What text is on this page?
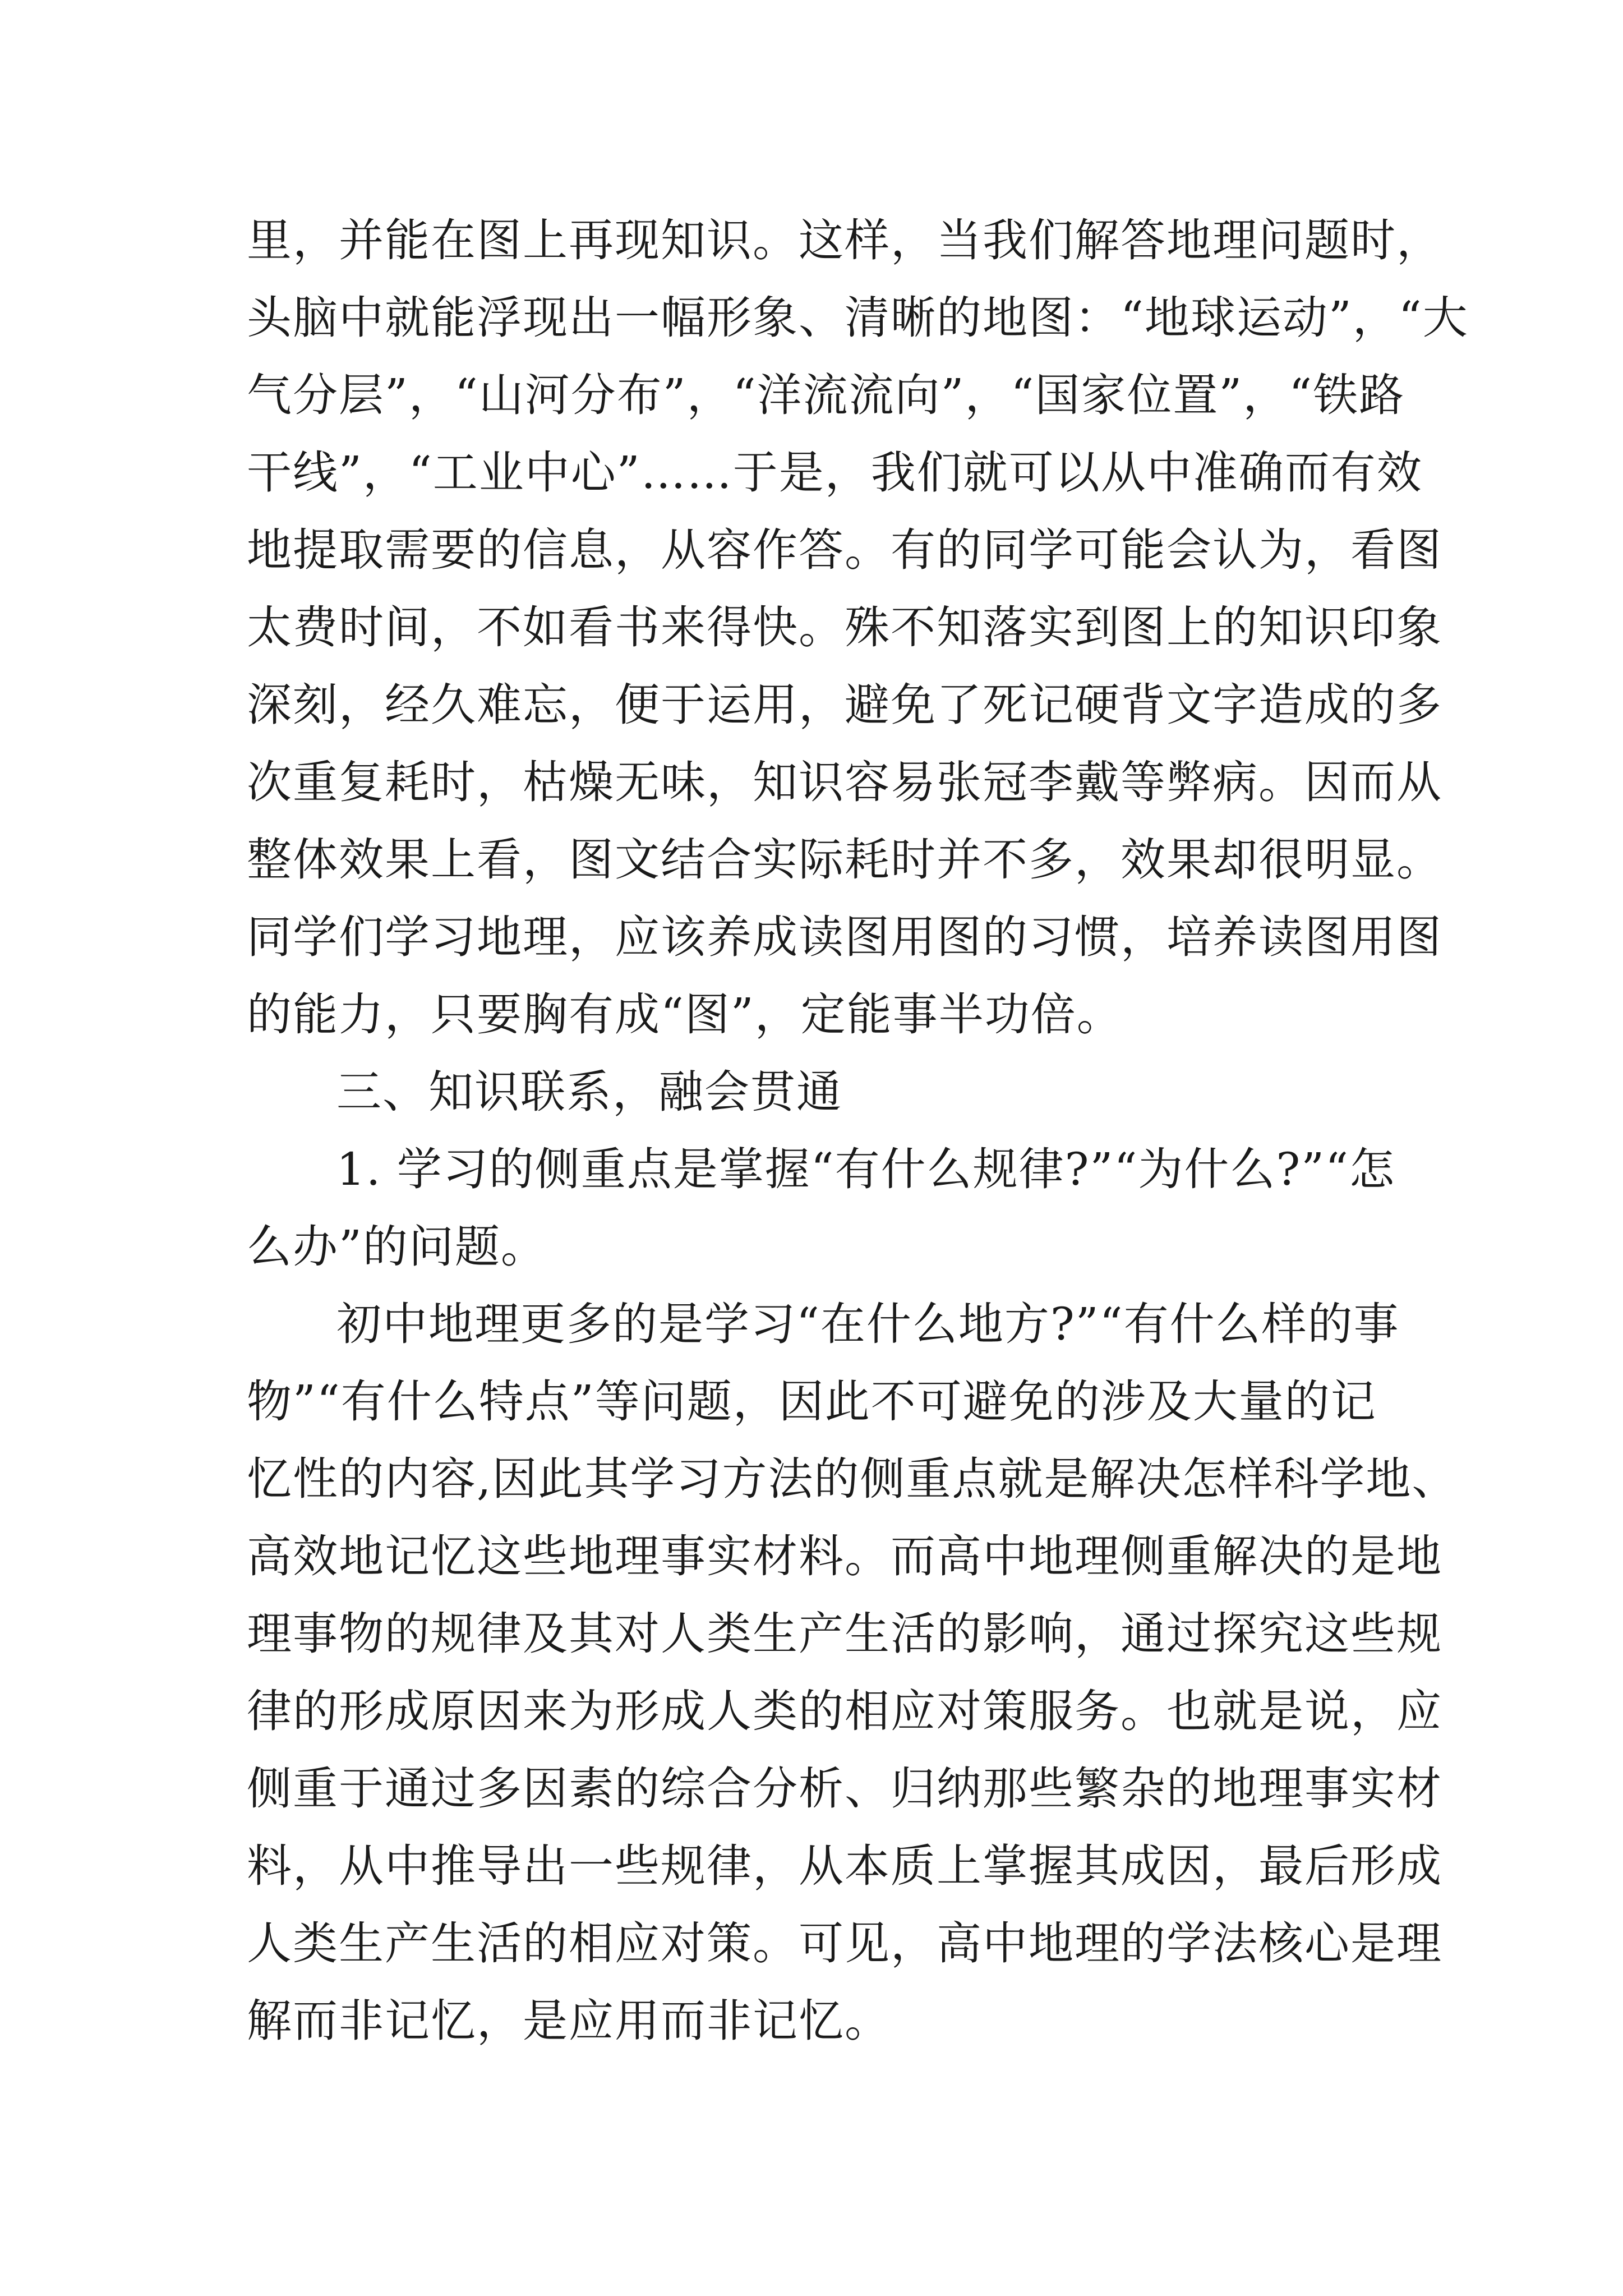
里，并能在图上再现知识。这样，当我们解答地理问题时，
头脑中就能浮现出一幅形象、清晰的地图：“地球运动”，“大
气分层”，“山河分布”，“洋流流向”，“国家位置”，“铁路
干线”，“工业中心”……于是，我们就可以从中准确而有效
地提取需要的信息，从容作答。有的同学可能会认为，看图
太费时间，不如看书来得快。殊不知落实到图上的知识印象
深刻，经久难忘，便于运用，避免了死记硬背文字造成的多
次重复耗时，枯燥无味，知识容易张冠李戴等弊病。因而从
整体效果上看，图文结合实际耗时并不多，效果却很明显。
同学们学习地理，应该养成读图用图的习惯，培养读图用图
的能力，只要胸有成“图”，定能事半功倍。
三、知识联系，融会贯通
1. 学习的侧重点是掌握“有什么规律?”“为什么?”“怎
么办”的问题。
初中地理更多的是学习“在什么地方?”“有什么样的事
物”“有什么特点”等问题，因此不可避免的涉及大量的记
忆性的内容,因此其学习方法的侧重点就是解决怎样科学地、
高效地记忆这些地理事实材料。而高中地理侧重解决的是地
理事物的规律及其对人类生产生活的影响，通过探究这些规
律的形成原因来为形成人类的相应对策服务。也就是说，应
侧重于通过多因素的综合分析、归纳那些繁杂的地理事实材
料，从中推导出一些规律，从本质上掌握其成因，最后形成
人类生产生活的相应对策。可见，高中地理的学法核心是理
解而非记忆，是应用而非记忆。
